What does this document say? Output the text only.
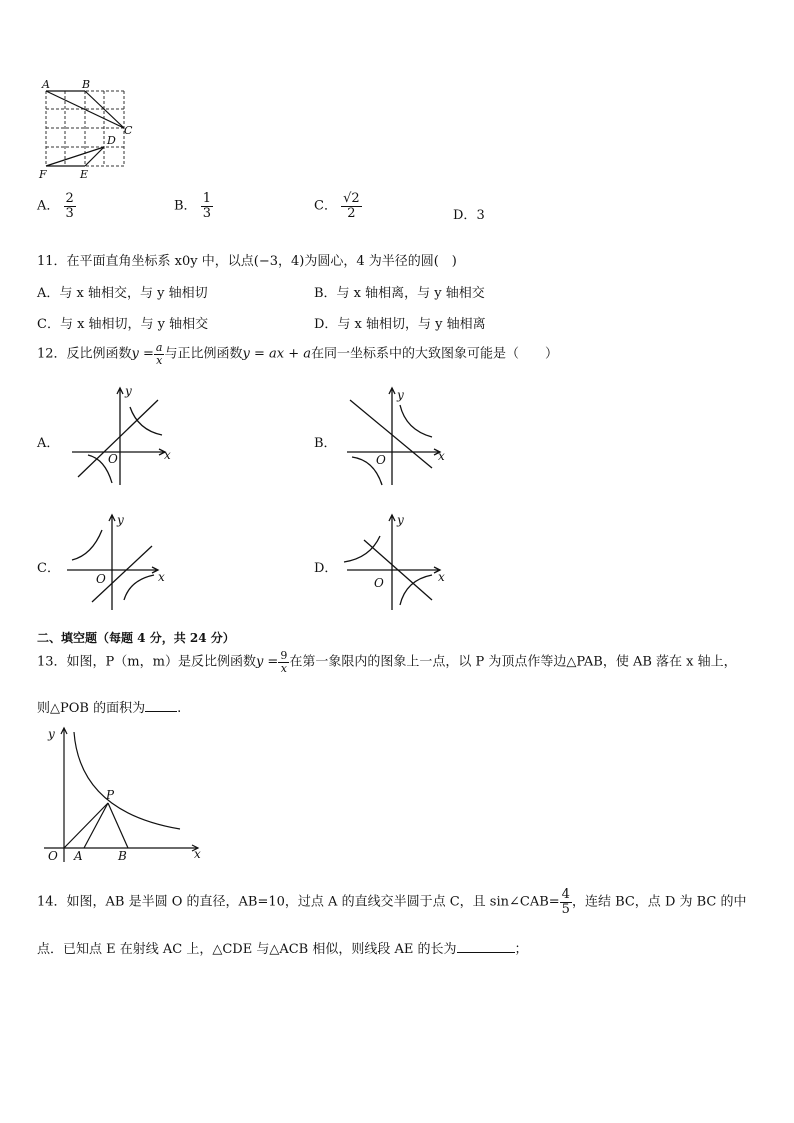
A	B
C
D
E
F
A． $\frac{2}{3}$	B． $\frac{1}{3}$	C． $\frac{√2}{2}$	D．3
11．在平面直角坐标系 x0y 中，以点(−3，4)为圆心，4 为半径的圆(　)
A．与 x 轴相交，与 y 轴相切	B．与 x 轴相离，与 y 轴相交
C．与 x 轴相切，与 y 轴相交	D．与 x 轴相切，与 y 轴相离
12．反比例函数$y = \frac{a}{x}$ 与正比例函数y = ax + a在同一坐标系中的大致图象可能是（　　）
A．	B．
C．	D．
y
x
O
y
x
O
y
x
O
y
x
O
二、填空题（每题 4 分，共 24 分）
13．如图，P（m，m）是反比例函数$y = \frac{9}{x}$ 在第一象限内的图象上一点，以 P 为顶点作等边△PAB，使 AB 落在 x 轴上，
则△POB 的面积为 .
y
x
O A	B
P
14．如图，AB 是半圆 O 的直径，AB=10，过点 A 的直线交半圆于点 C，且 sin∠CAB= $\frac{4}{5}$ ，连结 BC，点 D 为 BC 的中
点．已知点 E 在射线 AC 上，△CDE 与△ACB 相似，则线段 AE 的长为	；
